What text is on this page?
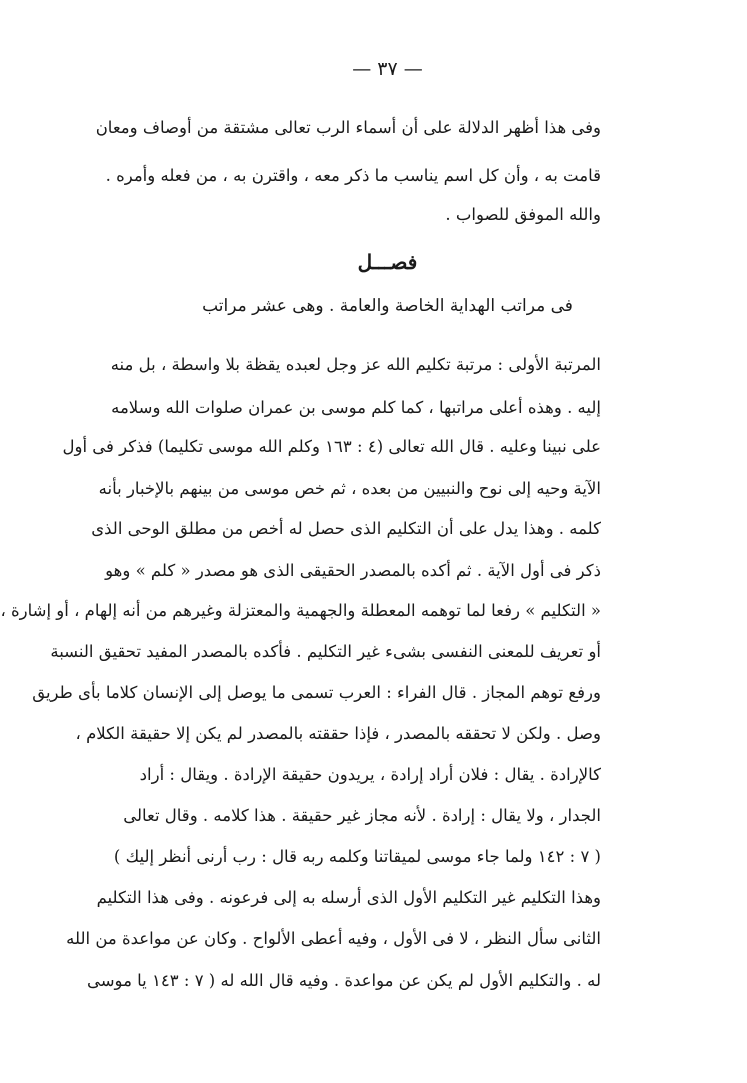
— ٣٧ —
وفى هذا أظهر الدلالة على أن أسماء الرب تعالى مشتقة من أوصاف ومعان
قامت به ، وأن كل اسم يناسب ما ذكر معه ، واقترن به ، من فعله وأمره .
والله الموفق للصواب .
فصـــل
فى مراتب الهداية الخاصة والعامة . وهى عشر مراتب
المرتبة الأولى : مرتبة تكليم الله عز وجل لعبده يقظة بلا واسطة ، بل منه
إليه . وهذه أعلى مراتبها ، كما كلم موسى بن عمران صلوات الله وسلامه
على نبينا وعليه . قال الله تعالى (٤ : ١٦٣ وكلم الله موسى تكليما) فذكر فى أول
الآية وحيه إلى نوح والنبيين من بعده ، ثم خص موسى من بينهم بالإخبار بأنه
كلمه . وهذا يدل على أن التكليم الذى حصل له أخص من مطلق الوحى الذى
ذكر فى أول الآية . ثم أكده بالمصدر الحقيقى الذى هو مصدر « كلم » وهو
« التكليم » رفعا لما توهمه المعطلة والجهمية والمعتزلة وغيرهم من أنه إلهام ، أو إشارة ،
أو تعريف للمعنى النفسى بشىء غير التكليم . فأكده بالمصدر المفيد تحقيق النسبة
ورفع توهم المجاز . قال الفراء : العرب تسمى ما يوصل إلى الإنسان كلاما بأى طريق
وصل . ولكن لا تحققه بالمصدر ، فإذا حققته بالمصدر لم يكن إلا حقيقة الكلام ،
كالإرادة . يقال : فلان أراد إرادة ، يريدون حقيقة الإرادة . ويقال : أراد
الجدار ، ولا يقال : إرادة . لأنه مجاز غير حقيقة . هذا كلامه . وقال تعالى
( ٧ : ١٤٢ ولما جاء موسى لميقاتنا وكلمه ربه قال : رب أرنى أنظر إليك )
وهذا التكليم غير التكليم الأول الذى أرسله به إلى فرعونه . وفى هذا التكليم
الثانى سأل النظر ، لا فى الأول ، وفيه أعطى الألواح . وكان عن مواعدة من الله
له . والتكليم الأول لم يكن عن مواعدة . وفيه قال الله له ( ٧ : ١٤٣ يا موسى
